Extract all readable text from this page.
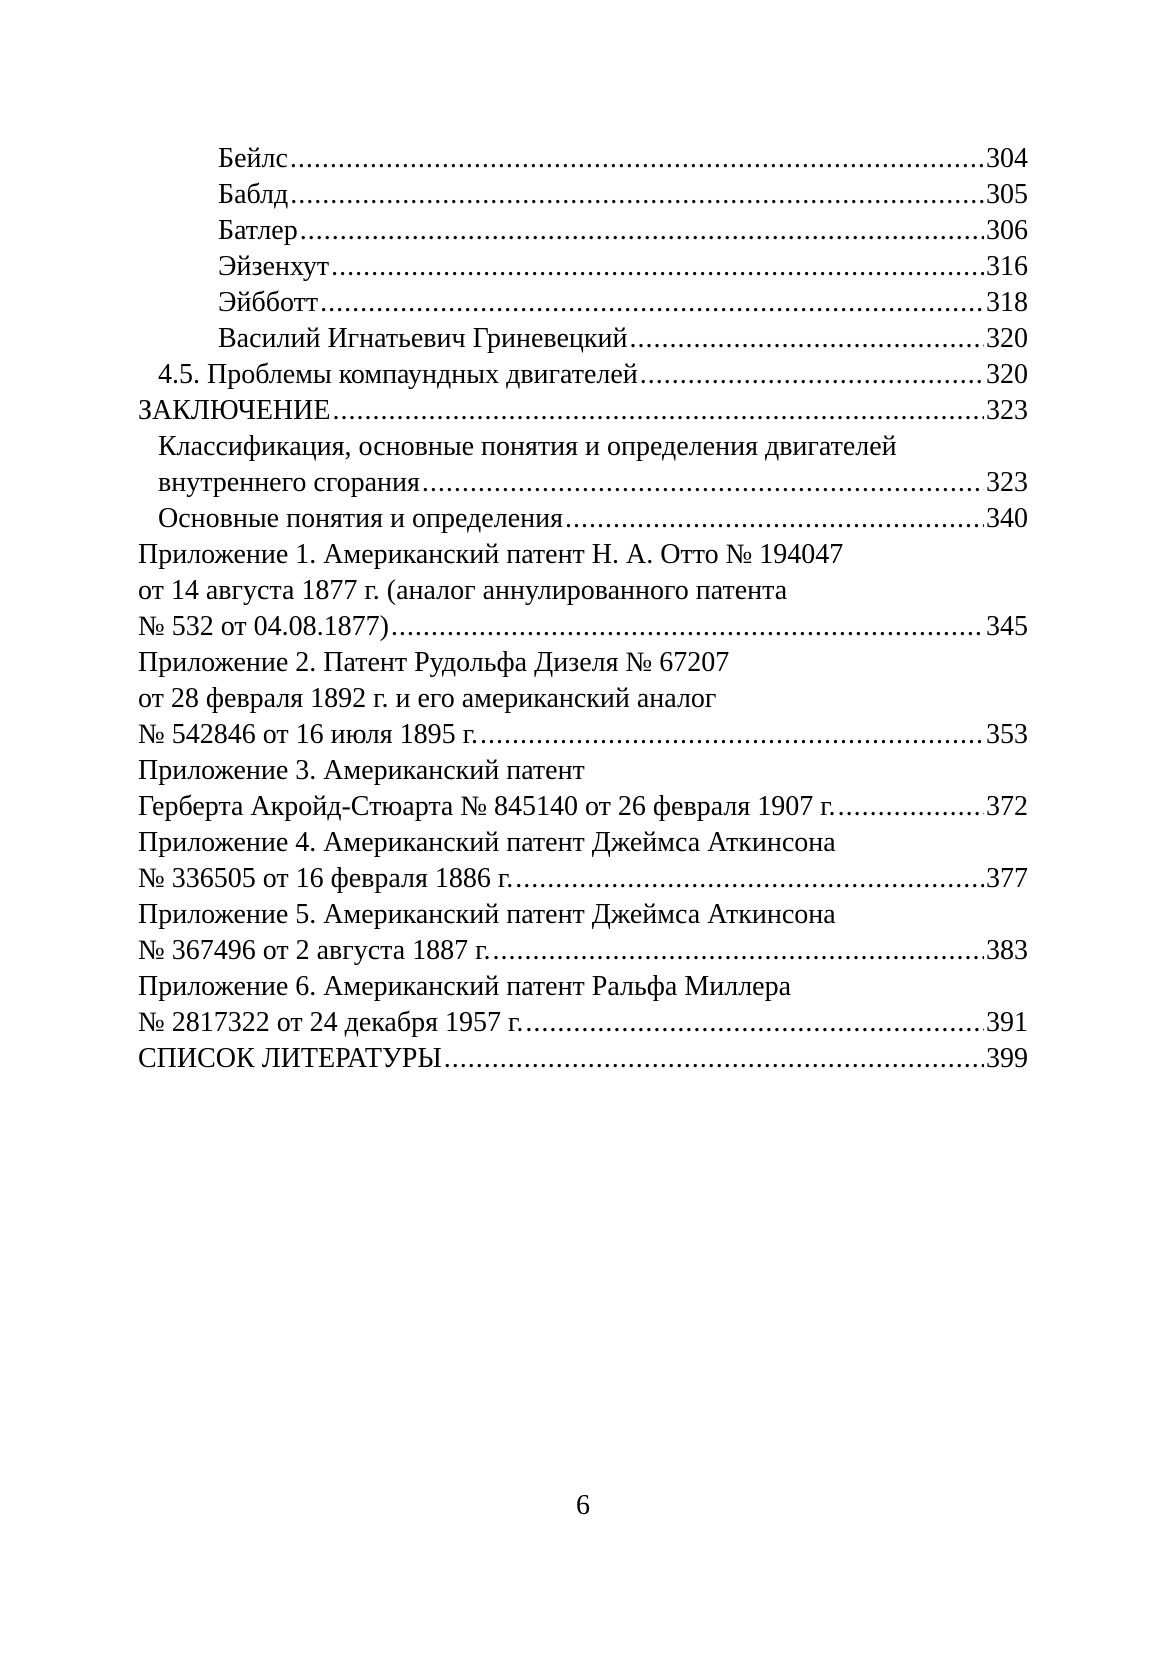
Бейлс .....	304
Баблд .....	305
Батлер .....	306
Эйзенхут .....	316
Эйбботт .....	318
Василий Игнатьевич Гриневецкий .....	320
4.5. Проблемы компаундных двигателей .....	320
ЗАКЛЮЧЕНИЕ .....	323
Классификация, основные понятия и определения двигателей
внутреннего сгорания .....	323
Основные понятия и определения .....	340
Приложение 1. Американский патент Н. А. Отто № 194047
от 14 августа 1877 г. (аналог аннулированного патента
№ 532 от 04.08.1877) .....	345
Приложение 2. Патент Рудольфа Дизеля № 67207
от 28 февраля 1892 г. и его американский аналог
№ 542846 от 16 июля 1895 г. .....	353
Приложение 3. Американский патент
Герберта Акройд-Стюарта № 845140 от 26 февраля 1907 г. .....	372
Приложение 4. Американский патент Джеймса Аткинсона
№ 336505 от 16 февраля 1886 г. .....	377
Приложение 5. Американский патент Джеймса Аткинсона
№ 367496 от 2 августа 1887 г. .....	383
Приложение 6. Американский патент Ральфа Миллера
№ 2817322 от 24 декабря 1957 г. .....	391
СПИСОК ЛИТЕРАТУРЫ .....	399
6
